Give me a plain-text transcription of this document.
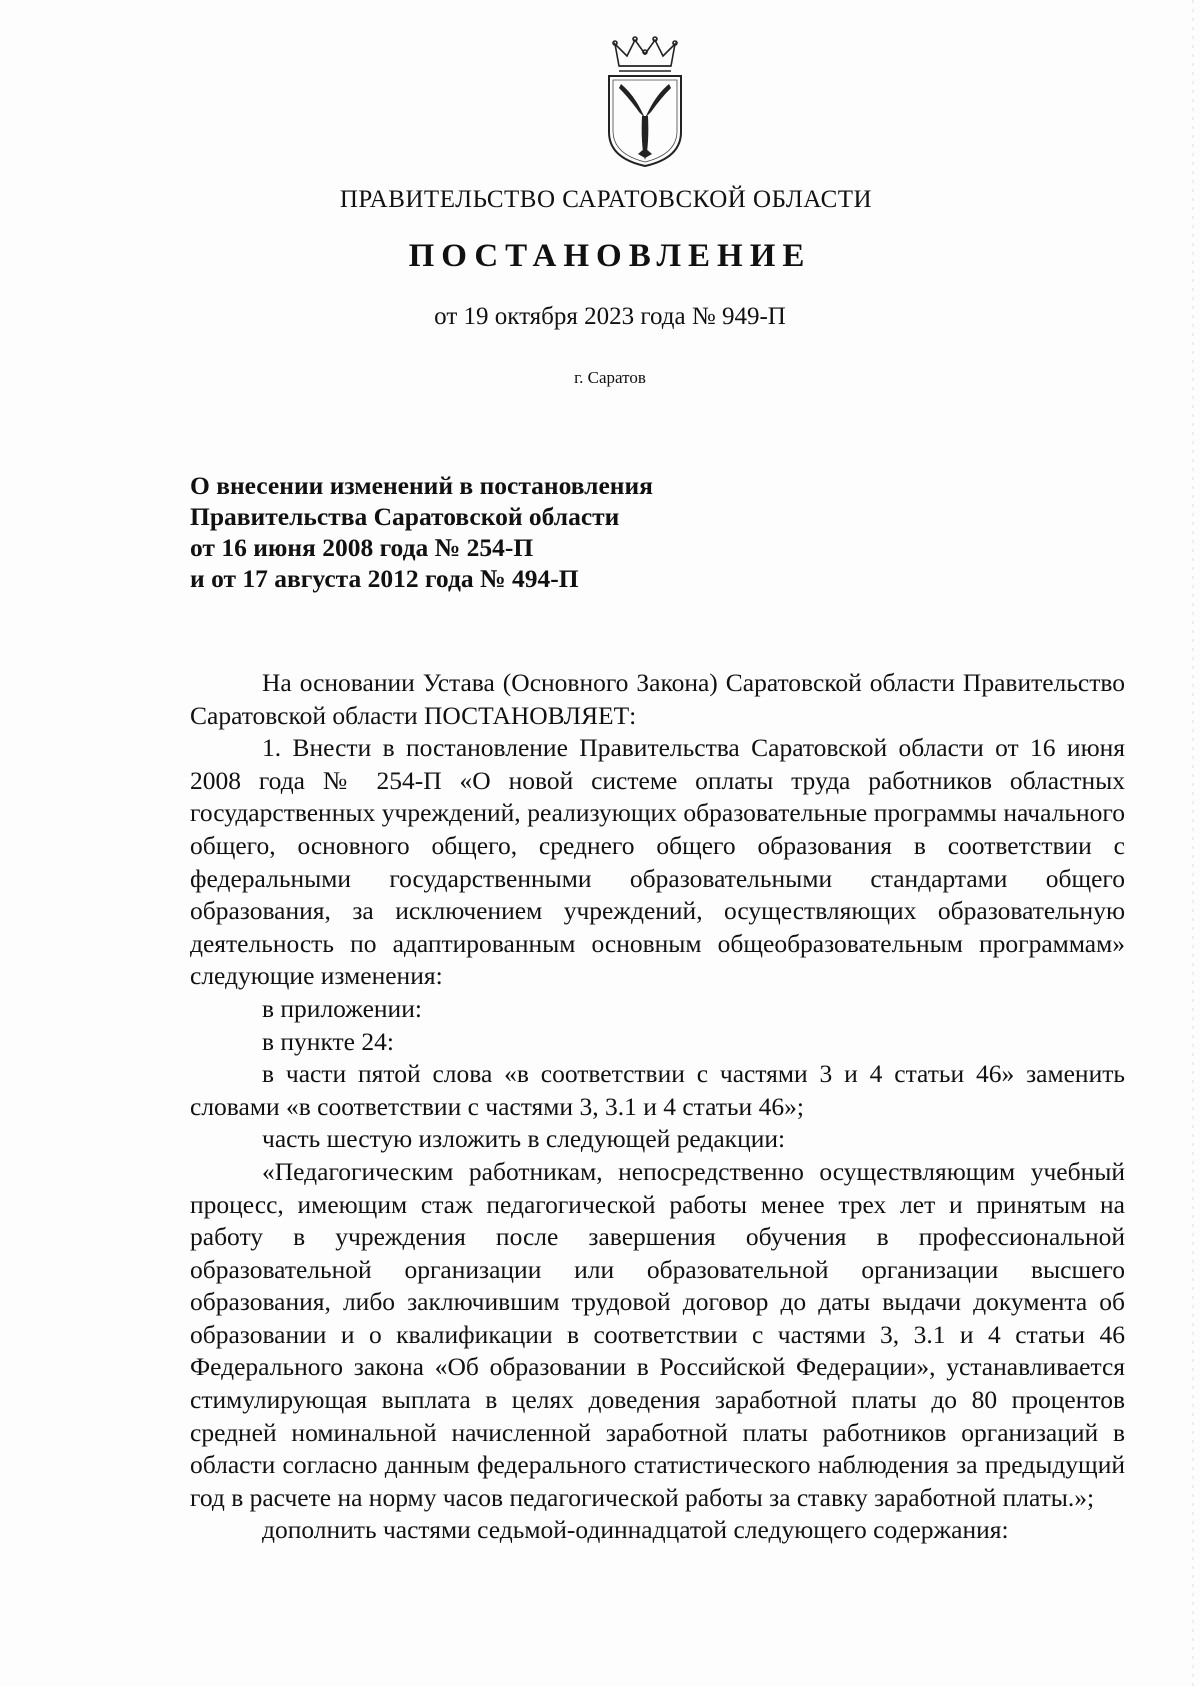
ПРАВИТЕЛЬСТВО САРАТОВСКОЙ ОБЛАСТИ
ПОСТАНОВЛЕНИЕ
от 19 октября 2023 года № 949-П
г. Саратов
О внесении изменений в постановления
Правительства Саратовской области
от 16 июня 2008 года № 254-П
и от 17 августа 2012 года № 494-П

На основании Устава (Основного Закона) Саратовской области Правительство Саратовской области ПОСТАНОВЛЯЕТ:

1. Внести в постановление Правительства Саратовской области от 16 июня 2008 года № 254-П «О новой системе оплаты труда работников областных государственных учреждений, реализующих образовательные программы начального общего, основного общего, среднего общего образования в соответствии с федеральными государственными образовательными стандартами общего образования, за исключением учреждений, осуществляющих образовательную деятельность по адаптированным основным общеобразовательным программам» следующие изменения:

в приложении:

в пункте 24:

в части пятой слова «в соответствии с частями 3 и 4 статьи 46» заменить словами «в соответствии с частями 3, 3.1 и 4 статьи 46»;

часть шестую изложить в следующей редакции:

«Педагогическим работникам, непосредственно осуществляющим учебный процесс, имеющим стаж педагогической работы менее трех лет и принятым на работу в учреждения после завершения обучения в профессиональной образовательной организации или образовательной организации высшего образования, либо заключившим трудовой договор до даты выдачи документа об образовании и о квалификации в соответствии с частями 3, 3.1 и 4 статьи 46 Федерального закона «Об образовании в Российской Федерации», устанавливается стимулирующая выплата в целях доведения заработной платы до 80 процентов средней номинальной начисленной заработной платы работников организаций в области согласно данным федерального статистического наблюдения за предыдущий год в расчете на норму часов педагогической работы за ставку заработной платы.»;

дополнить частями седьмой-одиннадцатой следующего содержания:
